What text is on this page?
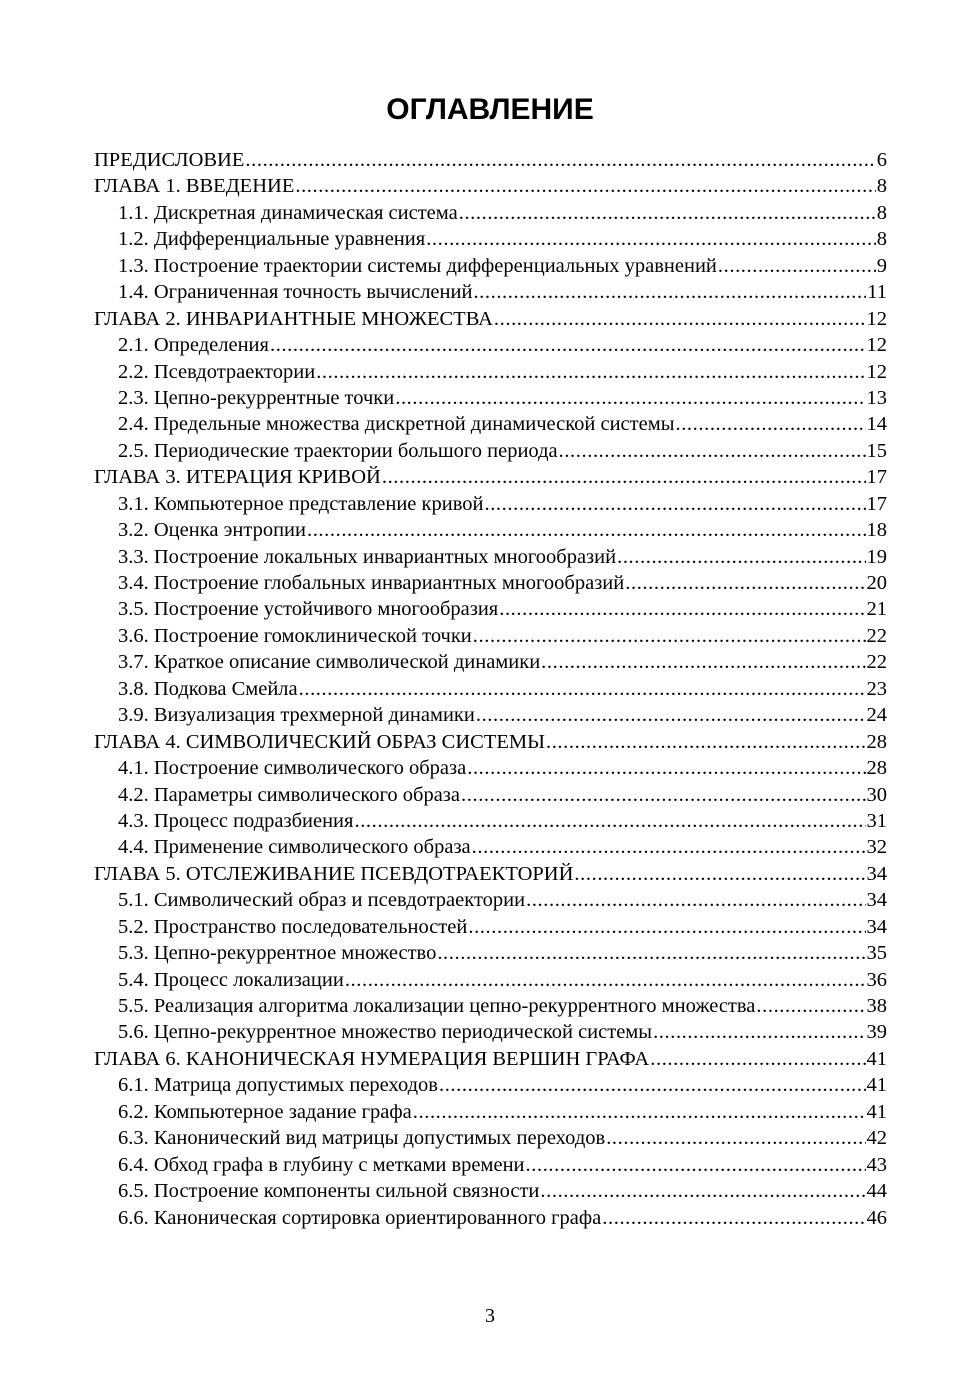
ОГЛАВЛЕНИЕ
ПРЕДИСЛОВИЕ .....	6
ГЛАВА 1. ВВЕДЕНИЕ .....	8
1.1. Дискретная динамическая система .....	8
1.2. Дифференциальные уравнения .....	8
1.3. Построение траектории системы дифференциальных уравнений .....	9
1.4. Ограниченная точность вычислений .....	11
ГЛАВА 2. ИНВАРИАНТНЫЕ МНОЖЕСТВА .....	12
2.1. Определения .....	12
2.2. Псевдотраектории .....	12
2.3. Цепно-рекуррентные точки .....	13
2.4. Предельные множества дискретной динамической системы .....	14
2.5. Периодические траектории большого периода .....	15
ГЛАВА 3. ИТЕРАЦИЯ КРИВОЙ .....	17
3.1. Компьютерное представление кривой .....	17
3.2. Оценка энтропии .....	18
3.3. Построение локальных инвариантных многообразий .....	19
3.4. Построение глобальных инвариантных многообразий .....	20
3.5. Построение устойчивого многообразия .....	21
3.6. Построение гомоклинической точки .....	22
3.7. Краткое описание символической динамики .....	22
3.8. Подкова Смейла .....	23
3.9. Визуализация трехмерной динамики .....	24
ГЛАВА 4. СИМВОЛИЧЕСКИЙ ОБРАЗ СИСТЕМЫ .....	28
4.1. Построение символического образа .....	28
4.2. Параметры символического образа .....	30
4.3. Процесс подразбиения .....	31
4.4. Применение символического образа .....	32
ГЛАВА 5. ОТСЛЕЖИВАНИЕ ПСЕВДОТРАЕКТОРИЙ .....	34
5.1. Символический образ и псевдотраектории .....	34
5.2. Пространство последовательностей .....	34
5.3. Цепно-рекуррентное множество .....	35
5.4. Процесс локализации .....	36
5.5. Реализация алгоритма локализации цепно-рекуррентного множества .....	38
5.6. Цепно-рекуррентное множество периодической системы .....	39
ГЛАВА 6. КАНОНИЧЕСКАЯ НУМЕРАЦИЯ ВЕРШИН ГРАФА .....	41
6.1. Матрица допустимых переходов .....	41
6.2. Компьютерное задание графа .....	41
6.3. Канонический вид матрицы допустимых переходов .....	42
6.4. Обход графа в глубину с метками времени .....	43
6.5. Построение компоненты сильной связности .....	44
6.6. Каноническая сортировка ориентированного графа .....	46
3
